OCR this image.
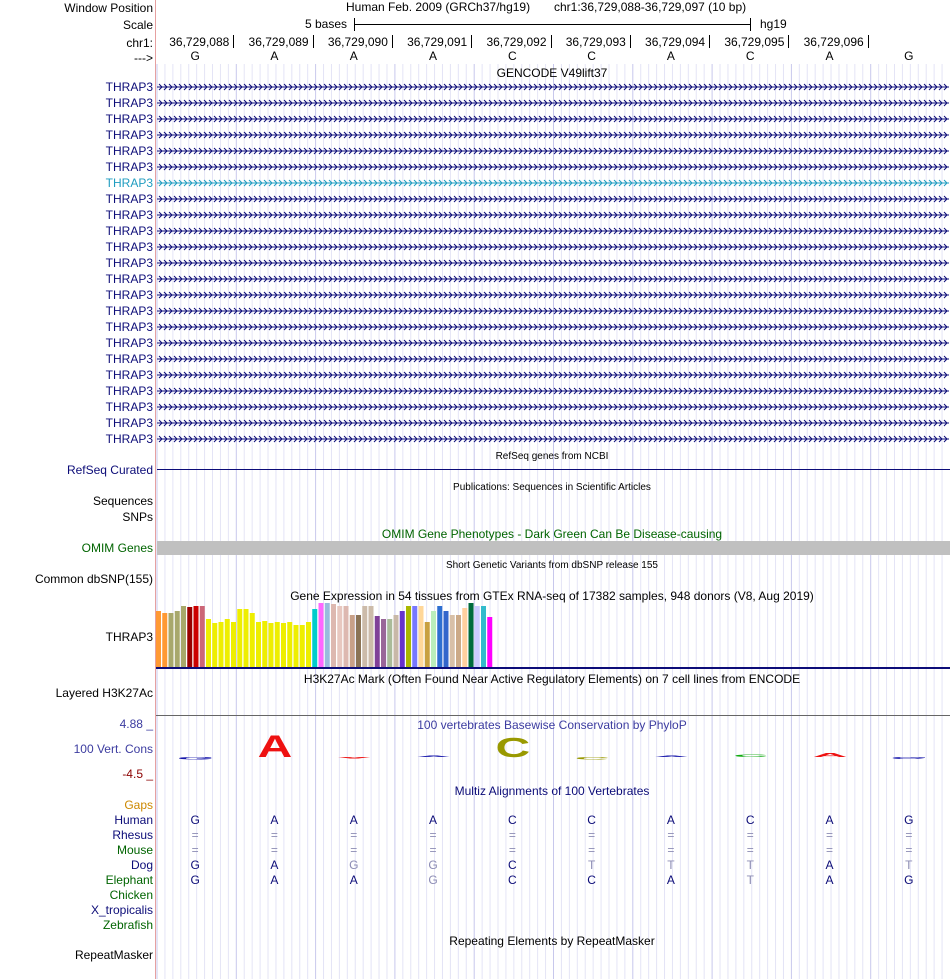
Window Position
Scale
chr1:
--->
Human Feb. 2009 (GRCh37/hg19) chr1:36,729,088-36,729,097 (10 bp)
5 bases	hg19
36,729,088 36,729,089 36,729,090 36,729,091 36,729,092 36,729,093 36,729,094 36,729,095 36,729,096
G	A	A	A	C	C	A	C	A	G
GENCODE V49lift37
THRAP3
THRAP3
THRAP3
THRAP3
THRAP3
THRAP3
THRAP3
THRAP3
THRAP3
THRAP3
THRAP3
THRAP3
THRAP3
THRAP3
THRAP3
THRAP3
THRAP3
THRAP3
THRAP3
THRAP3
THRAP3
THRAP3
THRAP3
RefSeq genes from NCBI
RefSeq Curated
Publications: Sequences in Scientific Articles
Sequences
SNPs
OMIM Gene Phenotypes - Dark Green Can Be Disease-causing
OMIM Genes
Short Genetic Variants from dbSNP release 155
Common dbSNP(155)
Gene Expression in 54 tissues from GTEx RNA-seq of 17382 samples, 948 donors (V8, Aug 2019)
THRAP3
H3K27Ac Mark (Often Found Near Active Regulatory Elements) on 7 cell lines from ENCODE
Layered H3K27Ac
100 vertebrates Basewise Conservation by PhyloP
4.88 _
100 Vert. Cons
-4.5 _
G A A
A C C A C A G
Multiz Alignments of 100 Vertebrates
Gaps
Human	G	A	A	A	C	C	A	C	A	G
Rhesus	=	=	=	=	=	=	=	=	=	=
Mouse	=	=	=	=	=	=	=	=	=	=
Dog	G	A	G	G	C	T	T	T	A	T
Elephant	G	A	A	G	C	C	A	T	A	G
Chicken
X_tropicalis
Zebrafish
Repeating Elements by RepeatMasker
RepeatMasker
